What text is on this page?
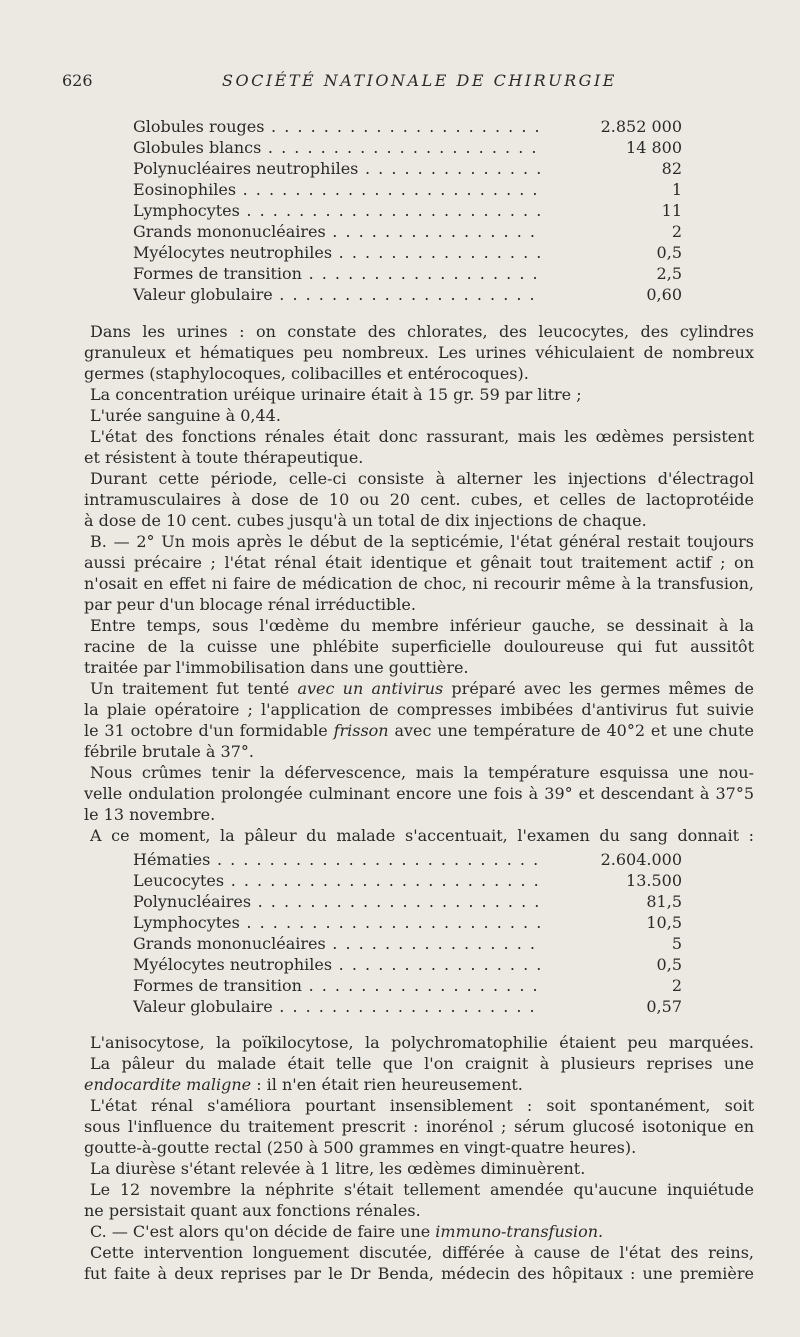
626	SOCIÉTÉ NATIONALE DE CHIRURGIE
Globules rouges . . .	2.852 000
Globules blancs . . .	14 800
Polynucléaires neutrophiles . . .	82
Eosinophiles . . .	1
Lymphocytes . . .	11
Grands mononucléaires . . .	2
Myélocytes neutrophiles . . .	0,5
Formes de transition . . .	2,5
Valeur globulaire . . .	0,60
Dans les urines : on constate des chlorates, des leucocytes, des cylindres
granuleux et hématiques peu nombreux. Les urines véhiculaient de nombreux
germes (staphylocoques, colibacilles et entérocoques).
La concentration uréique urinaire était à 15 gr. 59 par litre ;
L'urée sanguine à 0,44.
L'état des fonctions rénales était donc rassurant, mais les œdèmes persistent
et résistent à toute thérapeutique.
Durant cette période, celle-ci consiste à alterner les injections d'électragol
intramusculaires à dose de 10 ou 20 cent. cubes, et celles de lactoprotéide
à dose de 10 cent. cubes jusqu'à un total de dix injections de chaque.
B. — 2° Un mois après le début de la septicémie, l'état général restait toujours
aussi précaire ; l'état rénal était identique et gênait tout traitement actif ; on
n'osait en effet ni faire de médication de choc, ni recourir même à la transfusion,
par peur d'un blocage rénal irréductible.
Entre temps, sous l'œdème du membre inférieur gauche, se dessinait à la
racine de la cuisse une phlébite superficielle douloureuse qui fut aussitôt
traitée par l'immobilisation dans une gouttière.
Un traitement fut tenté avec un antivirus préparé avec les germes mêmes de
la plaie opératoire ; l'application de compresses imbibées d'antivirus fut suivie
le 31 octobre d'un formidable frisson avec une température de 40°2 et une chute
fébrile brutale à 37°.
Nous crûmes tenir la défervescence, mais la température esquissa une nou-
velle ondulation prolongée culminant encore une fois à 39° et descendant à 37°5
le 13 novembre.
A ce moment, la pâleur du malade s'accentuait, l'examen du sang donnait :
Hématies . . .	2.604.000
Leucocytes . . .	13.500
Polynucléaires . . .	81,5
Lymphocytes . . .	10,5
Grands mononucléaires . . .	5
Myélocytes neutrophiles . . .	0,5
Formes de transition . . .	2
Valeur globulaire . . .	0,57
L'anisocytose, la poïkilocytose, la polychromatophilie étaient peu marquées.
La pâleur du malade était telle que l'on craignit à plusieurs reprises une
endocardite maligne : il n'en était rien heureusement.
L'état rénal s'améliora pourtant insensiblement : soit spontanément, soit
sous l'influence du traitement prescrit : inorénol ; sérum glucosé isotonique en
goutte-à-goutte rectal (250 à 500 grammes en vingt-quatre heures).
La diurèse s'étant relevée à 1 litre, les œdèmes diminuèrent.
Le 12 novembre la néphrite s'était tellement amendée qu'aucune inquiétude
ne persistait quant aux fonctions rénales.
C. — C'est alors qu'on décide de faire une immuno-transfusion.
Cette intervention longuement discutée, différée à cause de l'état des reins,
fut faite à deux reprises par le Dr Benda, médecin des hôpitaux : une première
